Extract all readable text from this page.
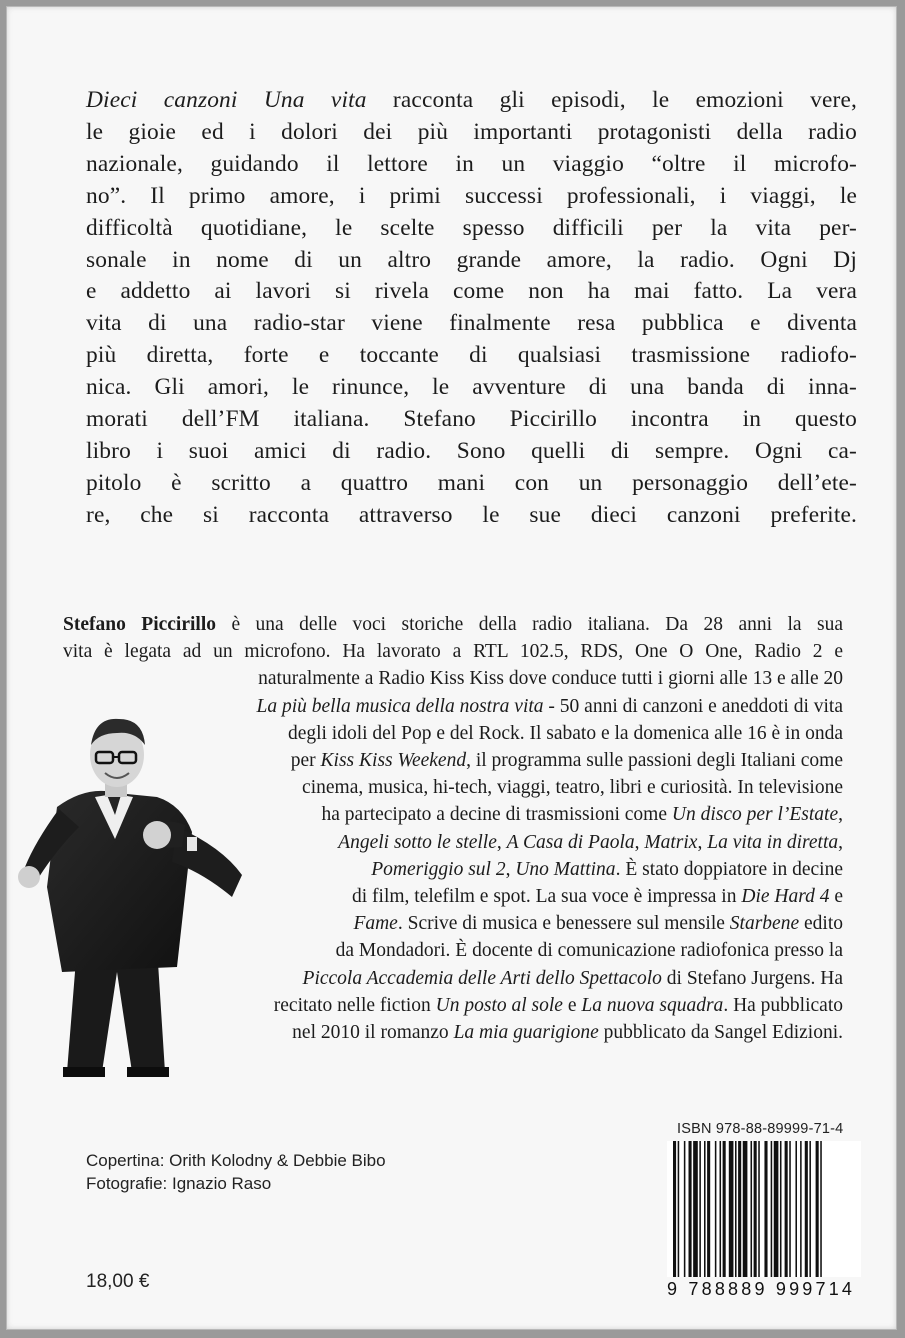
Dieci canzoni Una vita racconta gli episodi, le emozioni vere,
le gioie ed i dolori dei più importanti protagonisti della radio
nazionale, guidando il lettore in un viaggio “oltre il microfo-
no”. Il primo amore, i primi successi professionali, i viaggi, le
difficoltà quotidiane, le scelte spesso difficili per la vita per-
sonale in nome di un altro grande amore, la radio. Ogni Dj
e addetto ai lavori si rivela come non ha mai fatto. La vera
vita di una radio-star viene finalmente resa pubblica e diventa
più diretta, forte e toccante di qualsiasi trasmissione radiofo-
nica. Gli amori, le rinunce, le avventure di una banda di inna-
morati dell’FM italiana. Stefano Piccirillo incontra in questo
libro i suoi amici di radio. Sono quelli di sempre. Ogni ca-
pitolo è scritto a quattro mani con un personaggio dell’ete-
re, che si racconta attraverso le sue dieci canzoni preferite.
Stefano Piccirillo è una delle voci storiche della radio italiana. Da 28 anni la sua
vita è legata ad un microfono. Ha lavorato a RTL 102.5, RDS, One O One, Radio 2 e
naturalmente a Radio Kiss Kiss dove conduce tutti i giorni alle 13 e alle 20
La più bella musica della nostra vita - 50 anni di canzoni e aneddoti di vita
degli idoli del Pop e del Rock. Il sabato e la domenica alle 16 è in onda
per Kiss Kiss Weekend, il programma sulle passioni degli Italiani come
cinema, musica, hi-tech, viaggi, teatro, libri e curiosità. In televisione
ha partecipato a decine di trasmissioni come Un disco per l’Estate,
Angeli sotto le stelle, A Casa di Paola, Matrix, La vita in diretta,
Pomeriggio sul 2, Uno Mattina. È stato doppiatore in decine
di film, telefilm e spot. La sua voce è impressa in Die Hard 4 e
Fame. Scrive di musica e benessere sul mensile Starbene edito
da Mondadori. È docente di comunicazione radiofonica presso la
Piccola Accademia delle Arti dello Spettacolo di Stefano Jurgens. Ha
recitato nelle fiction Un posto al sole e La nuova squadra. Ha pubblicato
nel 2010 il romanzo La mia guarigione pubblicato da Sangel Edizioni.
Copertina: Orith Kolodny & Debbie Bibo
Fotografie: Ignazio Raso
18,00 €
ISBN 978-88-89999-71-4
9 788889 999714
